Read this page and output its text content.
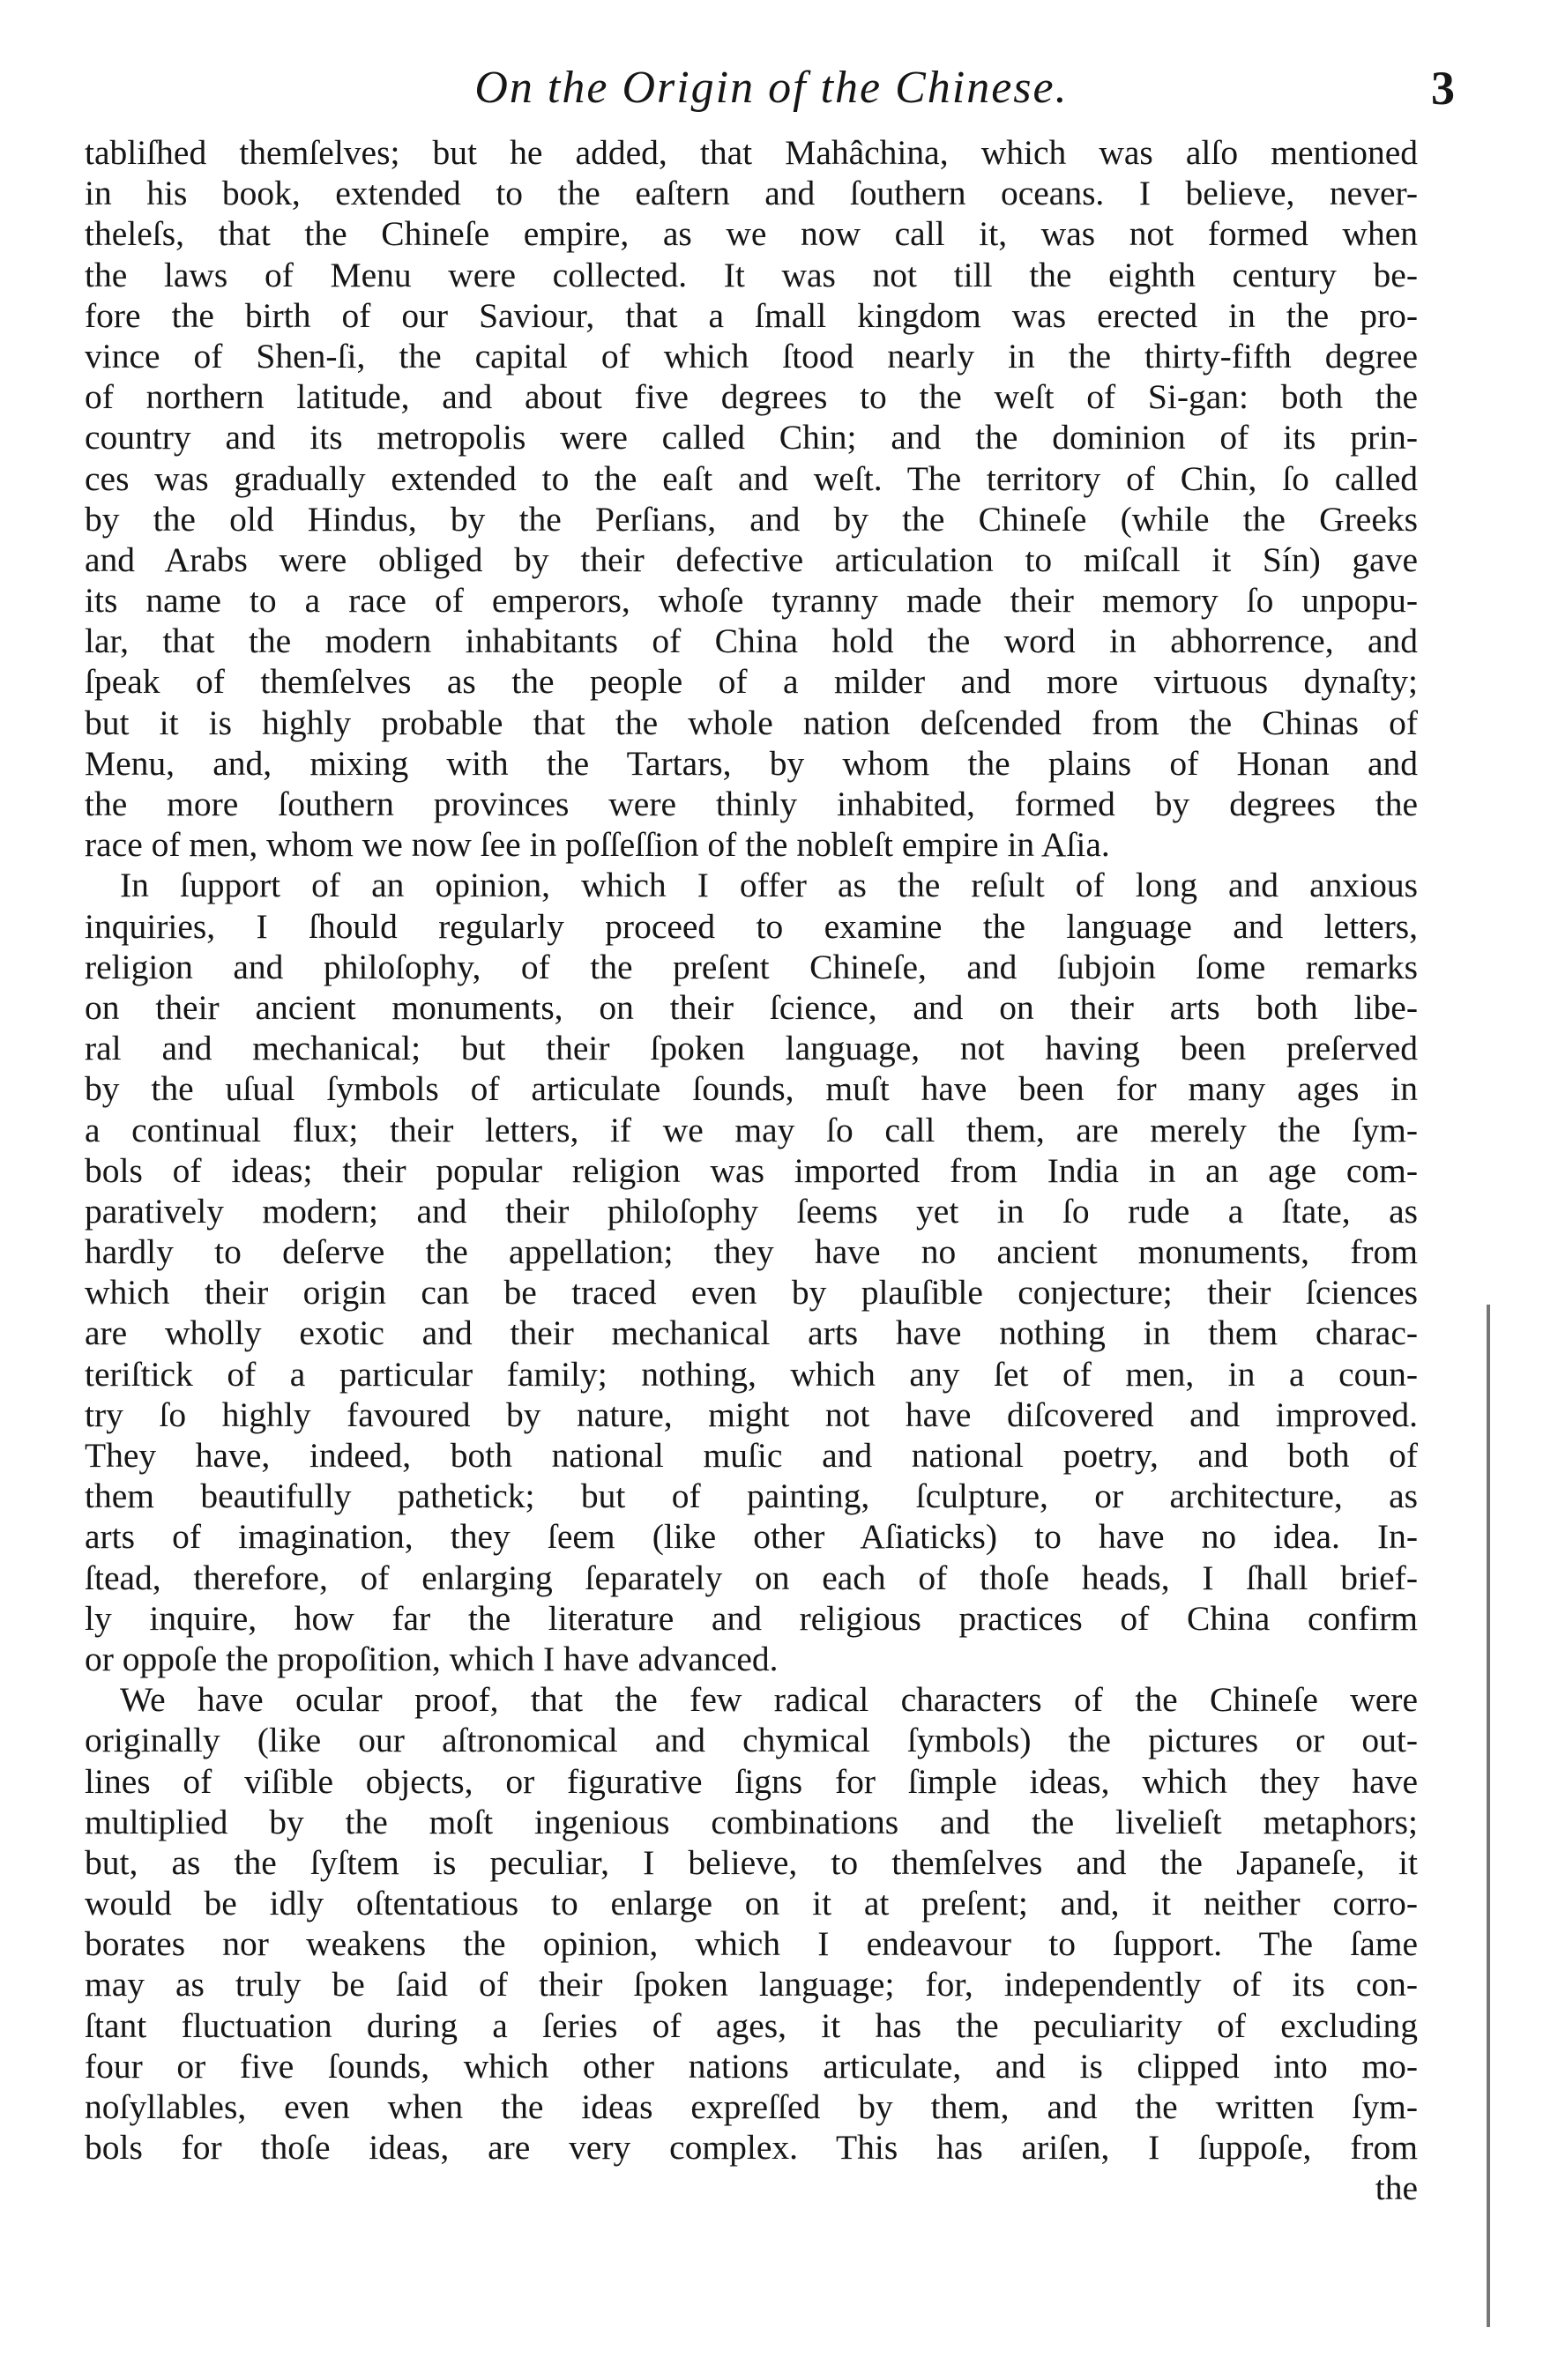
On the Origin of the Chinese.	3
tabliſhed themſelves; but he added, that Mahâchina, which was alſo mentioned
in his book, extended to the eaſtern and ſouthern oceans. I believe, never-
theleſs, that the Chineſe empire, as we now call it, was not formed when
the laws of Menu were collected. It was not till the eighth century be-
fore the birth of our Saviour, that a ſmall kingdom was erected in the pro-
vince of Shen-ſi, the capital of which ſtood nearly in the thirty-fifth degree
of northern latitude, and about five degrees to the weſt of Si-gan: both the
country and its metropolis were called Chin; and the dominion of its prin-
ces was gradually extended to the eaſt and weſt. The territory of Chin, ſo called
by the old Hindus, by the Perſians, and by the Chineſe (while the Greeks
and Arabs were obliged by their defective articulation to miſcall it Sín) gave
its name to a race of emperors, whoſe tyranny made their memory ſo unpopu-
lar, that the modern inhabitants of China hold the word in abhorrence, and
ſpeak of themſelves as the people of a milder and more virtuous dynaſty;
but it is highly probable that the whole nation deſcended from the Chinas of
Menu, and, mixing with the Tartars, by whom the plains of Honan and
the more ſouthern provinces were thinly inhabited, formed by degrees the
race of men, whom we now ſee in poſſeſſion of the nobleſt empire in Aſia.
In ſupport of an opinion, which I offer as the reſult of long and anxious
inquiries, I ſhould regularly proceed to examine the language and letters,
religion and philoſophy, of the preſent Chineſe, and ſubjoin ſome remarks
on their ancient monuments, on their ſcience, and on their arts both libe-
ral and mechanical; but their ſpoken language, not having been preſerved
by the uſual ſymbols of articulate ſounds, muſt have been for many ages in
a continual flux; their letters, if we may ſo call them, are merely the ſym-
bols of ideas; their popular religion was imported from India in an age com-
paratively modern; and their philoſophy ſeems yet in ſo rude a ſtate, as
hardly to deſerve the appellation; they have no ancient monuments, from
which their origin can be traced even by plauſible conjecture; their ſciences
are wholly exotic and their mechanical arts have nothing in them charac-
teriſtick of a particular family; nothing, which any ſet of men, in a coun-
try ſo highly favoured by nature, might not have diſcovered and improved.
They have, indeed, both national muſic and national poetry, and both of
them beautifully pathetick; but of painting, ſculpture, or architecture, as
arts of imagination, they ſeem (like other Aſiaticks) to have no idea. In-
ſtead, therefore, of enlarging ſeparately on each of thoſe heads, I ſhall brief-
ly inquire, how far the literature and religious practices of China confirm
or oppoſe the propoſition, which I have advanced.
We have ocular proof, that the few radical characters of the Chineſe were
originally (like our aſtronomical and chymical ſymbols) the pictures or out-
lines of viſible objects, or figurative ſigns for ſimple ideas, which they have
multiplied by the moſt ingenious combinations and the livelieſt metaphors;
but, as the ſyſtem is peculiar, I believe, to themſelves and the Japaneſe, it
would be idly oſtentatious to enlarge on it at preſent; and, it neither corro-
borates nor weakens the opinion, which I endeavour to ſupport. The ſame
may as truly be ſaid of their ſpoken language; for, independently of its con-
ſtant fluctuation during a ſeries of ages, it has the peculiarity of excluding
four or five ſounds, which other nations articulate, and is clipped into mo-
noſyllables, even when the ideas expreſſed by them, and the written ſym-
bols for thoſe ideas, are very complex. This has ariſen, I ſuppoſe, from
the
